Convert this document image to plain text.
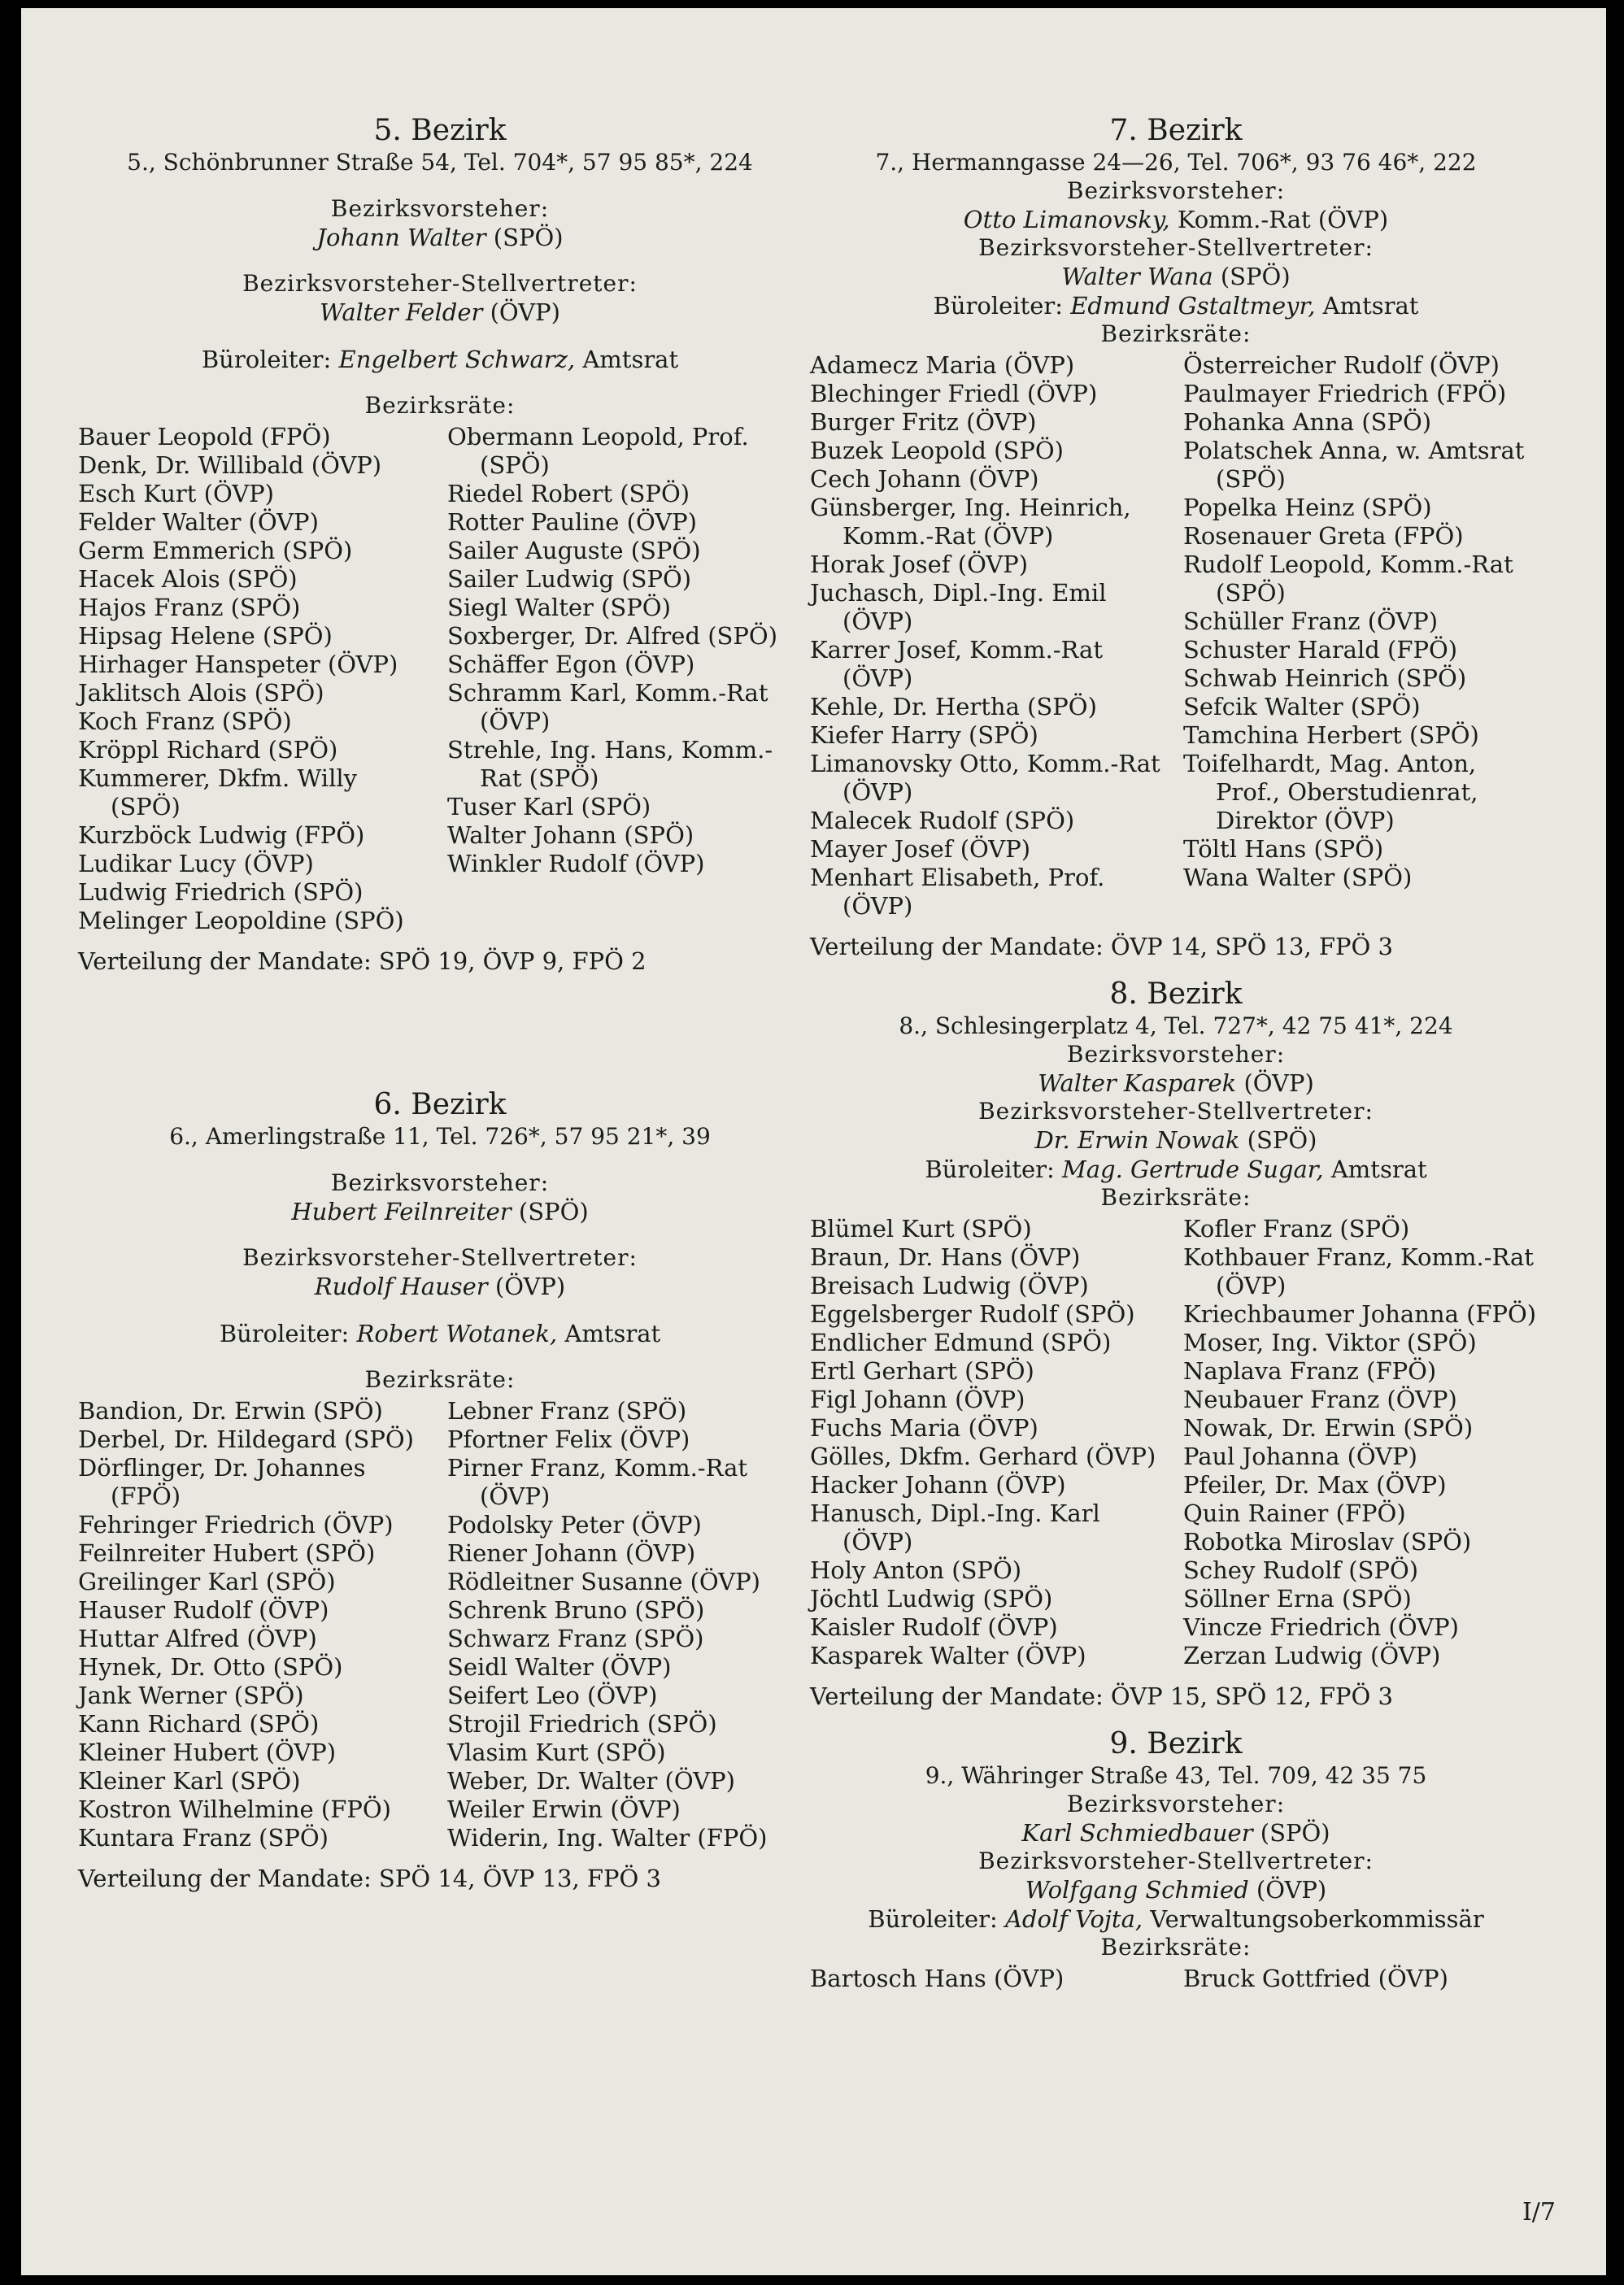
5. Bezirk
5., Schönbrunner Straße 54, Tel. 704*, 57 95 85*, 224
Bezirksvorsteher:
Johann Walter (SPÖ)
Bezirksvorsteher-Stellvertreter:
Walter Felder (ÖVP)
Büroleiter: Engelbert Schwarz, Amtsrat
Bezirksräte:
Bauer Leopold (FPÖ)
Denk, Dr. Willibald (ÖVP)
Esch Kurt (ÖVP)
Felder Walter (ÖVP)
Germ Emmerich (SPÖ)
Hacek Alois (SPÖ)
Hajos Franz (SPÖ)
Hipsag Helene (SPÖ)
Hirhager Hanspeter (ÖVP)
Jaklitsch Alois (SPÖ)
Koch Franz (SPÖ)
Kröppl Richard (SPÖ)
Kummerer, Dkfm. Willy (SPÖ)
Kurzböck Ludwig (FPÖ)
Ludikar Lucy (ÖVP)
Ludwig Friedrich (SPÖ)
Melinger Leopoldine (SPÖ)
Obermann Leopold, Prof. (SPÖ)
Riedel Robert (SPÖ)
Rotter Pauline (ÖVP)
Sailer Auguste (SPÖ)
Sailer Ludwig (SPÖ)
Siegl Walter (SPÖ)
Soxberger, Dr. Alfred (SPÖ)
Schäffer Egon (ÖVP)
Schramm Karl, Komm.-Rat (ÖVP)
Strehle, Ing. Hans, Komm.-Rat (SPÖ)
Tuser Karl (SPÖ)
Walter Johann (SPÖ)
Winkler Rudolf (ÖVP)
Verteilung der Mandate: SPÖ 19, ÖVP 9, FPÖ 2
6. Bezirk
6., Amerlingstraße 11, Tel. 726*, 57 95 21*, 39
Bezirksvorsteher:
Hubert Feilnreiter (SPÖ)
Bezirksvorsteher-Stellvertreter:
Rudolf Hauser (ÖVP)
Büroleiter: Robert Wotanek, Amtsrat
Bezirksräte:
Bandion, Dr. Erwin (SPÖ)
Derbel, Dr. Hildegard (SPÖ)
Dörflinger, Dr. Johannes (FPÖ)
Fehringer Friedrich (ÖVP)
Feilnreiter Hubert (SPÖ)
Greilinger Karl (SPÖ)
Hauser Rudolf (ÖVP)
Huttar Alfred (ÖVP)
Hynek, Dr. Otto (SPÖ)
Jank Werner (SPÖ)
Kann Richard (SPÖ)
Kleiner Hubert (ÖVP)
Kleiner Karl (SPÖ)
Kostron Wilhelmine (FPÖ)
Kuntara Franz (SPÖ)
Lebner Franz (SPÖ)
Pfortner Felix (ÖVP)
Pirner Franz, Komm.-Rat (ÖVP)
Podolsky Peter (ÖVP)
Riener Johann (ÖVP)
Rödleitner Susanne (ÖVP)
Schrenk Bruno (SPÖ)
Schwarz Franz (SPÖ)
Seidl Walter (ÖVP)
Seifert Leo (ÖVP)
Strojil Friedrich (SPÖ)
Vlasim Kurt (SPÖ)
Weber, Dr. Walter (ÖVP)
Weiler Erwin (ÖVP)
Widerin, Ing. Walter (FPÖ)
Verteilung der Mandate: SPÖ 14, ÖVP 13, FPÖ 3
7. Bezirk
7., Hermanngasse 24—26, Tel. 706*, 93 76 46*, 222
Bezirksvorsteher:
Otto Limanovsky, Komm.-Rat (ÖVP)
Bezirksvorsteher-Stellvertreter:
Walter Wana (SPÖ)
Büroleiter: Edmund Gstaltmeyr, Amtsrat
Bezirksräte:
Adamecz Maria (ÖVP)
Blechinger Friedl (ÖVP)
Burger Fritz (ÖVP)
Buzek Leopold (SPÖ)
Cech Johann (ÖVP)
Günsberger, Ing. Heinrich, Komm.-Rat (ÖVP)
Horak Josef (ÖVP)
Juchasch, Dipl.-Ing. Emil (ÖVP)
Karrer Josef, Komm.-Rat (ÖVP)
Kehle, Dr. Hertha (SPÖ)
Kiefer Harry (SPÖ)
Limanovsky Otto, Komm.-Rat (ÖVP)
Malecek Rudolf (SPÖ)
Mayer Josef (ÖVP)
Menhart Elisabeth, Prof. (ÖVP)
Österreicher Rudolf (ÖVP)
Paulmayer Friedrich (FPÖ)
Pohanka Anna (SPÖ)
Polatschek Anna, w. Amtsrat (SPÖ)
Popelka Heinz (SPÖ)
Rosenauer Greta (FPÖ)
Rudolf Leopold, Komm.-Rat (SPÖ)
Schüller Franz (ÖVP)
Schuster Harald (FPÖ)
Schwab Heinrich (SPÖ)
Sefcik Walter (SPÖ)
Tamchina Herbert (SPÖ)
Toifelhardt, Mag. Anton, Prof., Oberstudienrat, Direktor (ÖVP)
Töltl Hans (SPÖ)
Wana Walter (SPÖ)
Verteilung der Mandate: ÖVP 14, SPÖ 13, FPÖ 3
8. Bezirk
8., Schlesingerplatz 4, Tel. 727*, 42 75 41*, 224
Bezirksvorsteher:
Walter Kasparek (ÖVP)
Bezirksvorsteher-Stellvertreter:
Dr. Erwin Nowak (SPÖ)
Büroleiter: Mag. Gertrude Sugar, Amtsrat
Bezirksräte:
Blümel Kurt (SPÖ)
Braun, Dr. Hans (ÖVP)
Breisach Ludwig (ÖVP)
Eggelsberger Rudolf (SPÖ)
Endlicher Edmund (SPÖ)
Ertl Gerhart (SPÖ)
Figl Johann (ÖVP)
Fuchs Maria (ÖVP)
Gölles, Dkfm. Gerhard (ÖVP)
Hacker Johann (ÖVP)
Hanusch, Dipl.-Ing. Karl (ÖVP)
Holy Anton (SPÖ)
Jöchtl Ludwig (SPÖ)
Kaisler Rudolf (ÖVP)
Kasparek Walter (ÖVP)
Kofler Franz (SPÖ)
Kothbauer Franz, Komm.-Rat (ÖVP)
Kriechbaumer Johanna (FPÖ)
Moser, Ing. Viktor (SPÖ)
Naplava Franz (FPÖ)
Neubauer Franz (ÖVP)
Nowak, Dr. Erwin (SPÖ)
Paul Johanna (ÖVP)
Pfeiler, Dr. Max (ÖVP)
Quin Rainer (FPÖ)
Robotka Miroslav (SPÖ)
Schey Rudolf (SPÖ)
Söllner Erna (SPÖ)
Vincze Friedrich (ÖVP)
Zerzan Ludwig (ÖVP)
Verteilung der Mandate: ÖVP 15, SPÖ 12, FPÖ 3
9. Bezirk
9., Währinger Straße 43, Tel. 709, 42 35 75
Bezirksvorsteher:
Karl Schmiedbauer (SPÖ)
Bezirksvorsteher-Stellvertreter:
Wolfgang Schmied (ÖVP)
Büroleiter: Adolf Vojta, Verwaltungsoberkommissär
Bezirksräte:
Bartosch Hans (ÖVP)	Bruck Gottfried (ÖVP)
I/7
